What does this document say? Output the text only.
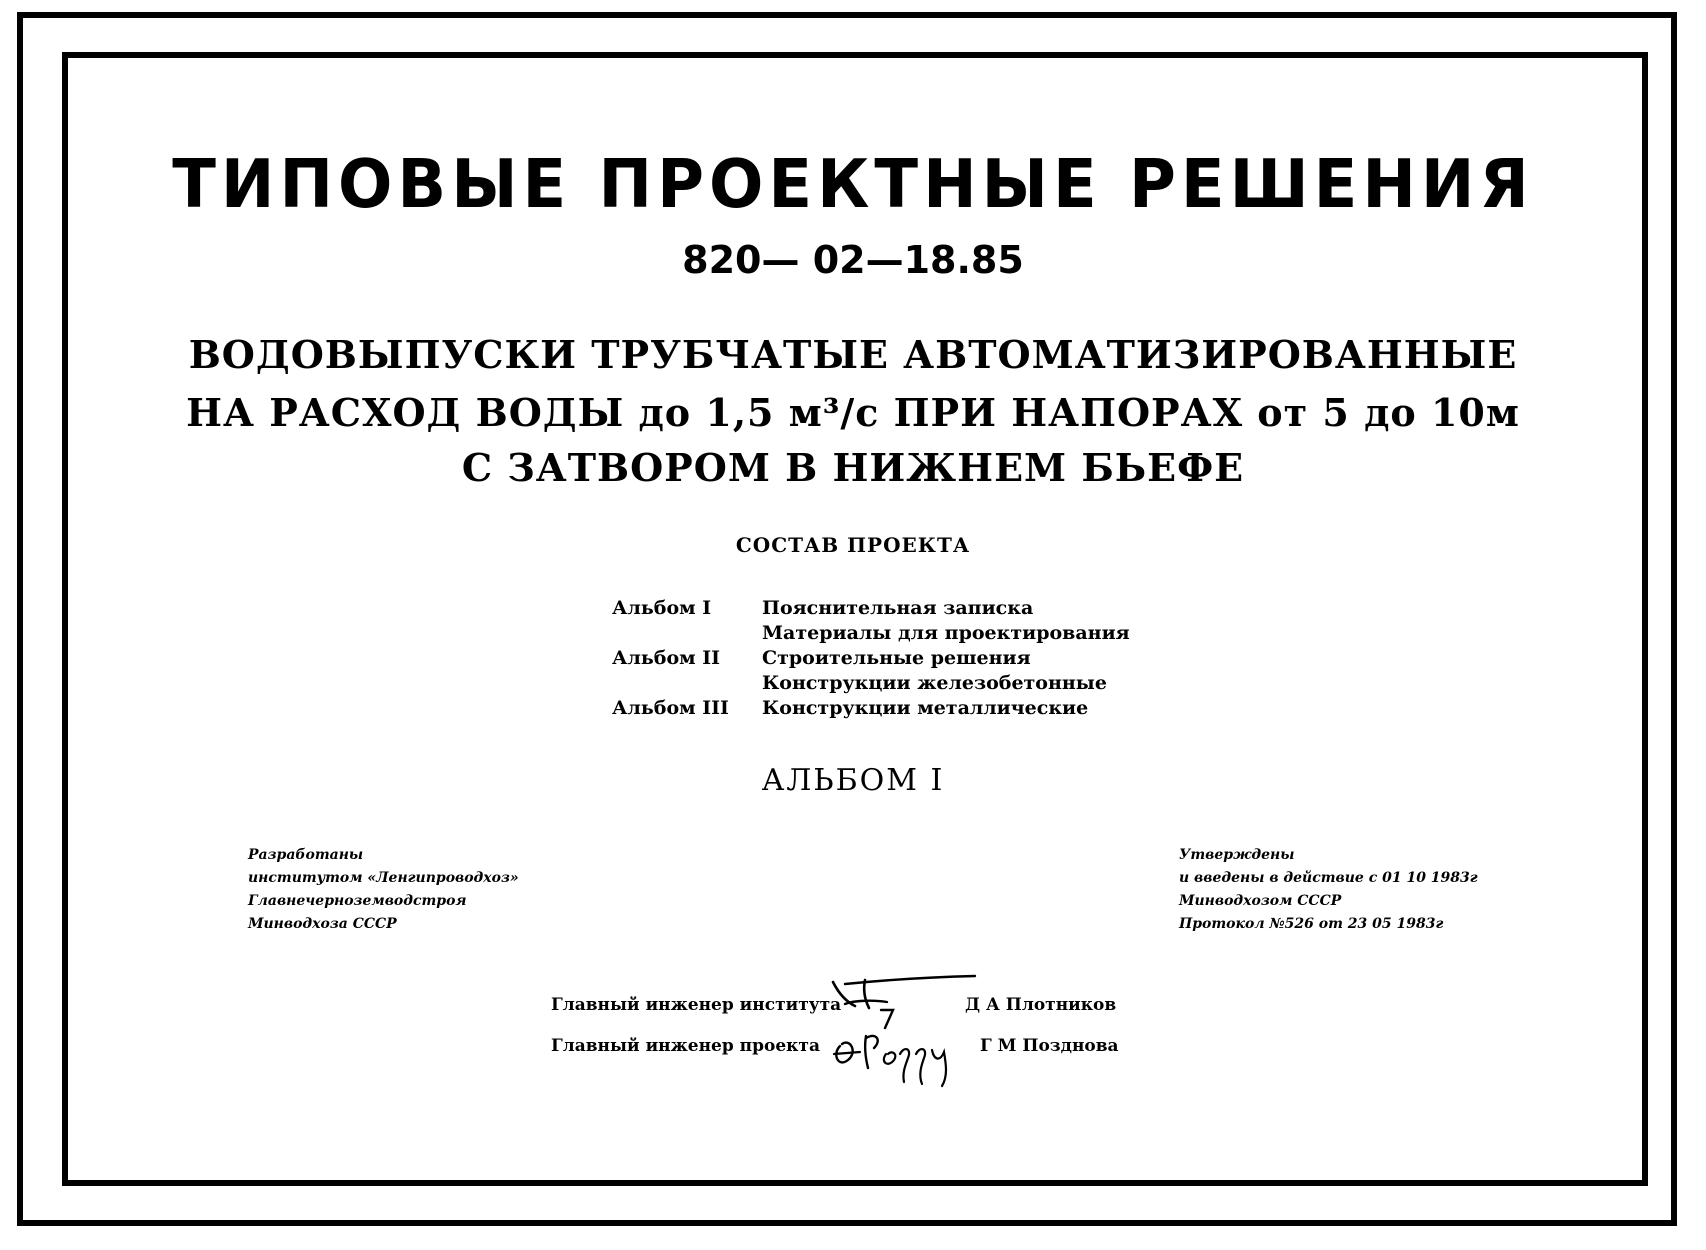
ТИПОВЫЕ ПРОЕКТНЫЕ РЕШЕНИЯ
820— 02—18.85
ВОДОВЫПУСКИ ТРУБЧАТЫЕ АВТОМАТИЗИРОВАННЫЕ
НА РАСХОД ВОДЫ до 1,5 м³/с ПРИ НАПОРАХ от 5 до 10м
С ЗАТВОРОМ В НИЖНЕМ БЬЕФЕ
СОСТАВ ПРОЕКТА
Альбом I	Пояснительная записка
	Материалы для проектирования
Альбом II	Строительные решения
	Конструкции железобетонные
Альбом III	Конструкции металлические
АЛЬБОМ I
Разработаны
институтом «Ленгипроводхоз»
Главнечерноземводстроя
Минводхоза СССР
Утверждены
и введены в действие с 01 10 1983г
Минводхозом СССР
Протокол №526 от 23 05 1983г
Главный инженер института	Д А Плотников
Главный инженер проекта	Г М Позднова
